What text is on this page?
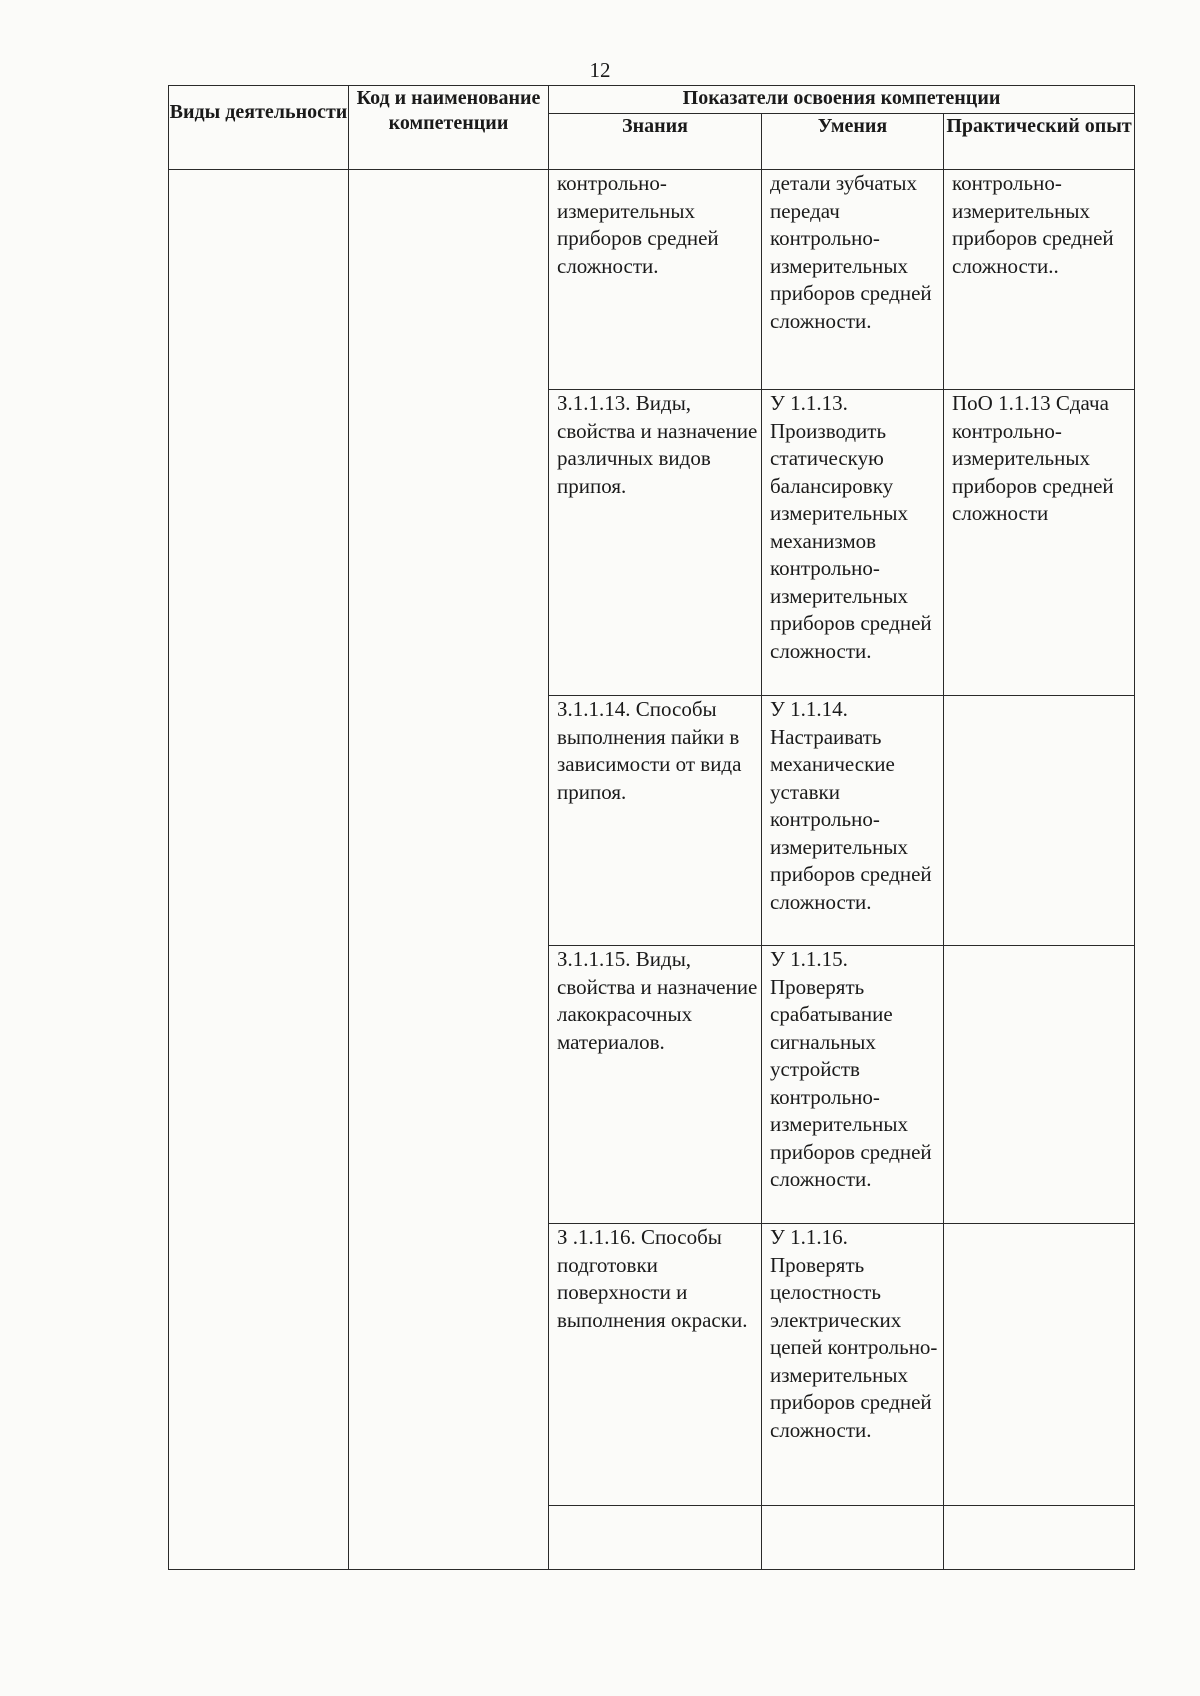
12
Виды деятельности	Код и наименование компетенции	Показатели освоения компетенции		
		Знания	Умения	Практический опыт
		контрольно-измерительных приборов средней сложности.	детали зубчатых передач контрольно-измерительных приборов средней сложности.	контрольно-измерительных приборов средней сложности..
		З.1.1.13. Виды, свойства и назначение различных видов припоя.	У 1.1.13. Производить статическую балансировку измерительных механизмов контрольно-измерительных приборов средней сложности.	ПоО 1.1.13 Сдача контрольно-измерительных приборов средней сложности
		З.1.1.14. Способы выполнения пайки в зависимости от вида припоя.	У 1.1.14. Настраивать механические уставки контрольно-измерительных приборов средней сложности.	
		З.1.1.15. Виды, свойства и назначение лакокрасочных материалов.	У 1.1.15. Проверять срабатывание сигнальных устройств контрольно-измерительных приборов средней сложности.	
		З .1.1.16. Способы подготовки поверхности и выполнения окраски.	У 1.1.16. Проверять целостность электрических цепей контрольно-измерительных приборов средней сложности.	
